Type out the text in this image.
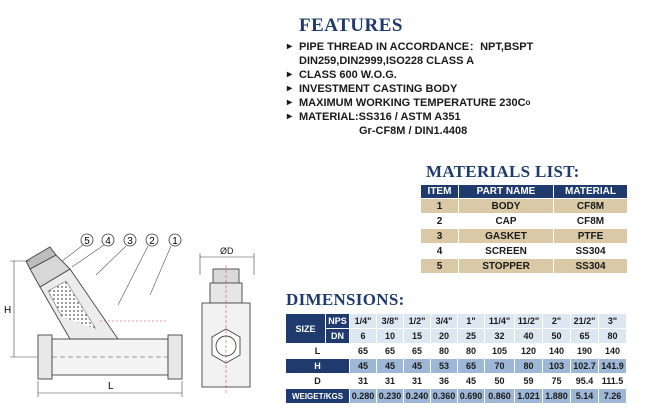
FEATURES
▸ PIPE THREAD IN ACCORDANCE：NPT,BSPT
DIN259,DIN2999,ISO228 CLASS A
▸ CLASS 600 W.O.G.
▸ INVESTMENT CASTING BODY
▸ MAXIMUM WORKING TEMPERATURE $230C^o$
▸ MATERIAL:SS316 / ASTM A351
Gr-CF8M / DIN1.4408
MATERIALS LIST:
ITEM	PART NAME	MATERIAL
1	BODY	CF8M
2	CAP	CF8M
3	GASKET	PTFE
4	SCREEN	SS304
5	STOPPER	SS304
DIMENSIONS:
SIZE	NPS	1/4"	3/8"	1/2"	3/4"	1"	11/4"	11/2"	2"	21/2"	3"
	DN	6	10	15	20	25	32	40	50	65	80
L		65	65	65	80	80	105	120	140	190	140
H		45	45	45	53	65	70	80	103	102.7	141.9
D		31	31	31	36	45	50	59	75	95.4	111.5
WEIGET/KGS		0.280	0.230	0.240	0.360	0.690	0.860	1.021	1.880	5.14	7.26
5 4 3 2 1
H
L
ØD
